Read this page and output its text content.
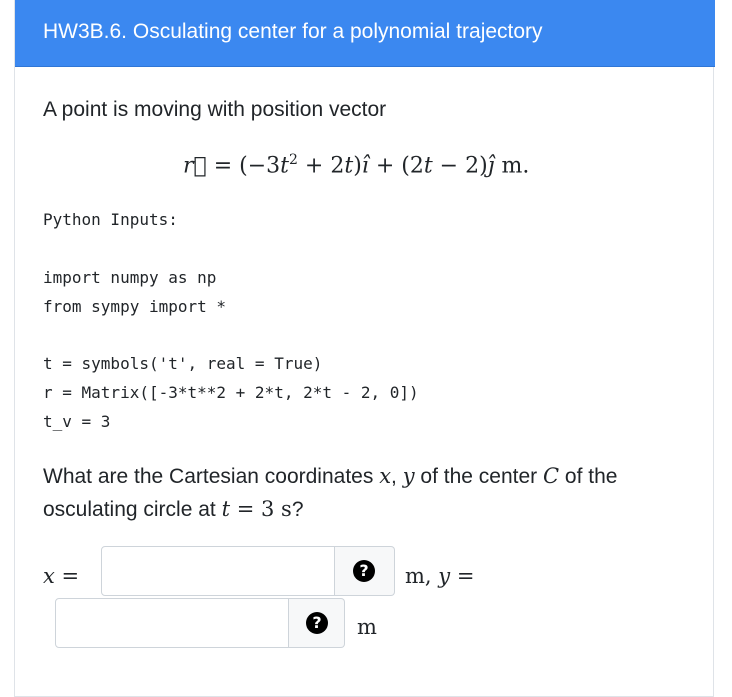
HW3B.6. Osculating center for a polynomial trajectory
A point is moving with position vector
r⃗ = ($-3t^2$ + 2t)ı̂ + (2t − 2)ȷ̂ m.
Python Inputs:
import numpy as np
from sympy import *
t = symbols('t', real = True)
r = Matrix([-3*t**2 + 2*t, 2*t - 2, 0])
t_v = 3
What are the Cartesian coordinates x, y of the center C of the osculating circle at t = 3 s?
x =	?	m, y =
?	m
